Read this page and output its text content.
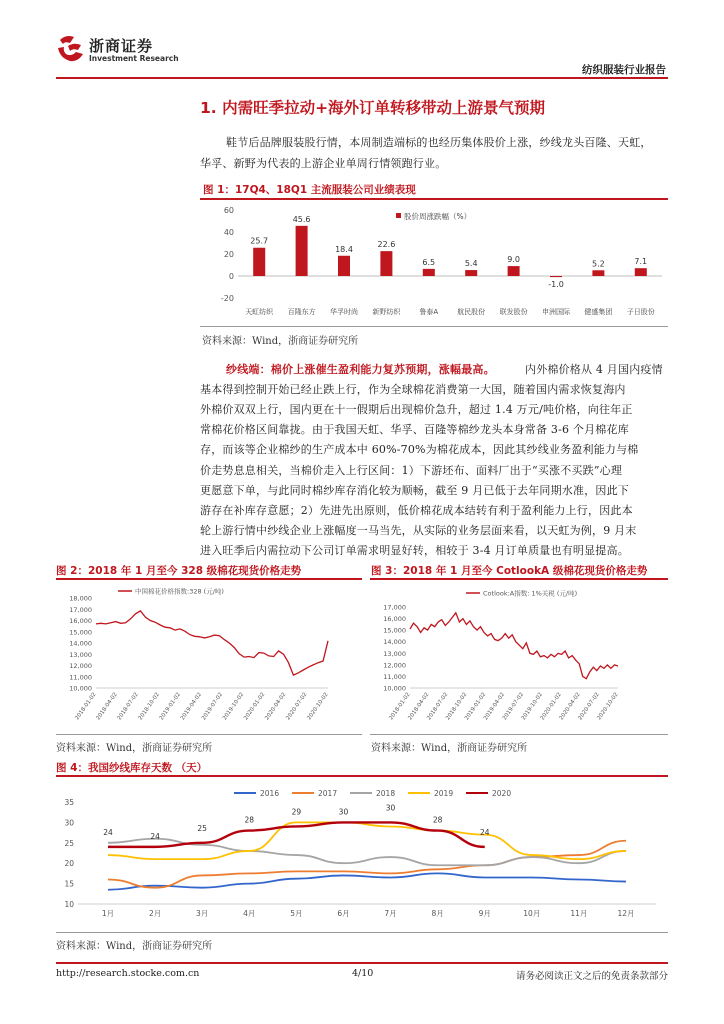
浙商证券
Investment Research
纺织服装行业报告
1. 内需旺季拉动+海外订单转移带动上游景气预期
鞋节后品牌服装股行情，本周制造端标的也经历集体股价上涨，纱线龙头百隆、天虹，
华孚、新野为代表的上游企业单周行情领跑行业。
图 1：17Q4、18Q1 主流服装公司业绩表现
60
40
20
0
-20
25.7
天虹纺织
45.6
百隆东方
18.4
华孚时尚
22.6
新野纺织
6.5
鲁泰A
5.4
航民股份
9.0
联发股份
-1.0
申洲国际
5.2
健盛集团
7.1
子日股份
股价周涨跌幅（%）
资料来源：Wind，浙商证券研究所
纱线端：棉价上涨催生盈利能力复苏预期，涨幅最高。	内外棉价格从 4 月国内疫情
基本得到控制开始已经止跌上行，作为全球棉花消费第一大国，随着国内需求恢复海内
外棉价双双上行，国内更在十一假期后出现棉价急升，超过 1.4 万元/吨价格，向往年正
常棉花价格区间靠拢。由于我国天虹、华孚、百隆等棉纱龙头本身常备 3-6 个月棉花库
存，而该等企业棉纱的生产成本中 60%-70%为棉花成本，因此其纱线业务盈利能力与棉
价走势息息相关，当棉价走入上行区间：1）下游坯布、面料厂出于“买涨不买跌”心理
更愿意下单，与此同时棉纱库存消化较为顺畅，截至 9 月已低于去年同期水准，因此下
游存在补库存意愿；2）先进先出原则，低价棉花成本结转有利于盈利能力上行，因此本
轮上游行情中纱线企业上涨幅度一马当先，从实际的业务层面来看，以天虹为例，9 月末
进入旺季后内需拉动下公司订单需求明显好转，相较于 3-4 月订单质量也有明显提高。
图 2：2018 年 1 月至今 328 级棉花现货价格走势
18,000
17,000
16,000
15,000
14,000
13,000
12,000
11,000
10,000
2018-01-02
2018-04-02
2018-07-02
2018-10-02
2019-01-02
2019-04-02
2019-07-02
2019-10-02
2020-01-02
2020-04-02
2020-07-02
2020-10-02
中国棉花价格指数:328 (元/吨)
资料来源：Wind，浙商证券研究所
图 3：2018 年 1 月至今 CotlookA 级棉花现货价格走势
17,000
16,000
15,000
14,000
13,000
12,000
11,000
10,000
2018-01-02
2018-04-02
2018-07-02
2018-10-02
2019-01-02
2019-04-02
2019-07-02
2019-10-02
2020-01-02
2020-04-02
2020-07-02
2020-10-02
Cotlook:A指数: 1%关税 (元/吨)
资料来源：Wind，浙商证券研究所
图 4：我国纱线库存天数 （天）
35
30
25
20
15
10
1月	2月	3月	4月	5月	6月	7月	8月	9月	10月	11月	12月
24	24
25
28
29	30	30
28
24
2016	2017	2018	2019	2020
资料来源：Wind，浙商证券研究所
http://research.stocke.com.cn	4/10	请务必阅读正文之后的免责条款部分
